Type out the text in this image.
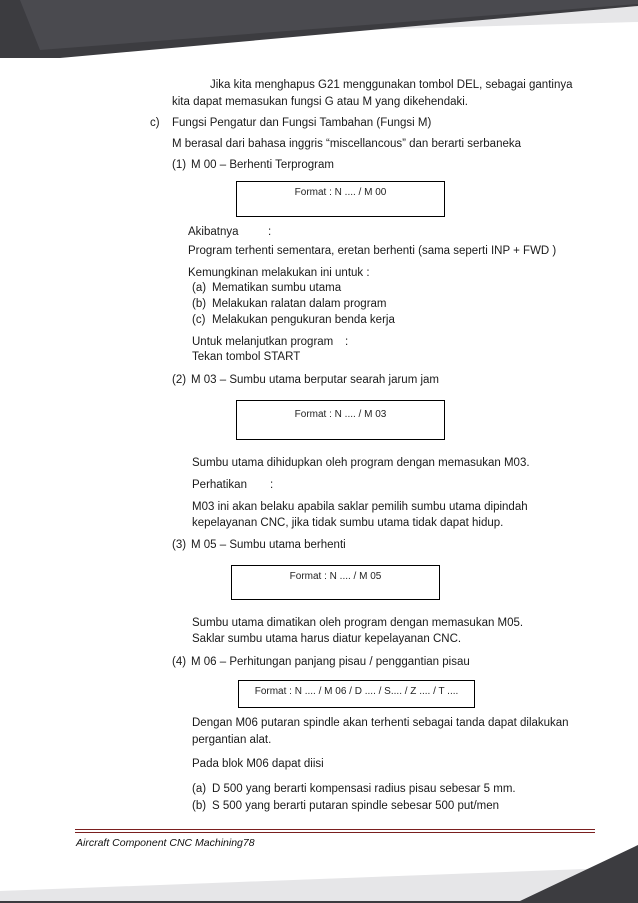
Jika kita menghapus G21 menggunakan tombol DEL, sebagai gantinya
kita dapat memasukan fungsi G atau M yang dikehendaki.
c) Fungsi Pengatur dan Fungsi Tambahan (Fungsi M)
M berasal dari bahasa inggris “miscellancous” dan berarti serbaneka
(1) M 00 – Berhenti Terprogram
Format : N .... / M 00
Akibatnya	:
Program terhenti sementara, eretan berhenti (sama seperti INP + FWD )
Kemungkinan melakukan ini untuk :
(a) Mematikan sumbu utama
(b) Melakukan ralatan dalam program
(c) Melakukan pengukuran benda kerja
Untuk melanjutkan program :
Tekan tombol START
(2) M 03 – Sumbu utama berputar searah jarum jam
Format : N .... / M 03
Sumbu utama dihidupkan oleh program dengan memasukan M03.
Perhatikan :
M03 ini akan belaku apabila saklar pemilih sumbu utama dipindah
kepelayanan CNC, jika tidak sumbu utama tidak dapat hidup.
(3) M 05 – Sumbu utama berhenti
Format : N .... / M 05
Sumbu utama dimatikan oleh program dengan memasukan M05.
Saklar sumbu utama harus diatur kepelayanan CNC.
(4) M 06 – Perhitungan panjang pisau / penggantian pisau
Format : N .... / M 06 / D .... / S.... / Z .... / T ....
Dengan M06 putaran spindle akan terhenti sebagai tanda dapat dilakukan
pergantian alat.
Pada blok M06 dapat diisi
(a) D 500 yang berarti kompensasi radius pisau sebesar 5 mm.
(b) S 500 yang berarti putaran spindle sebesar 500 put/men
Aircraft Component CNC Machining78
